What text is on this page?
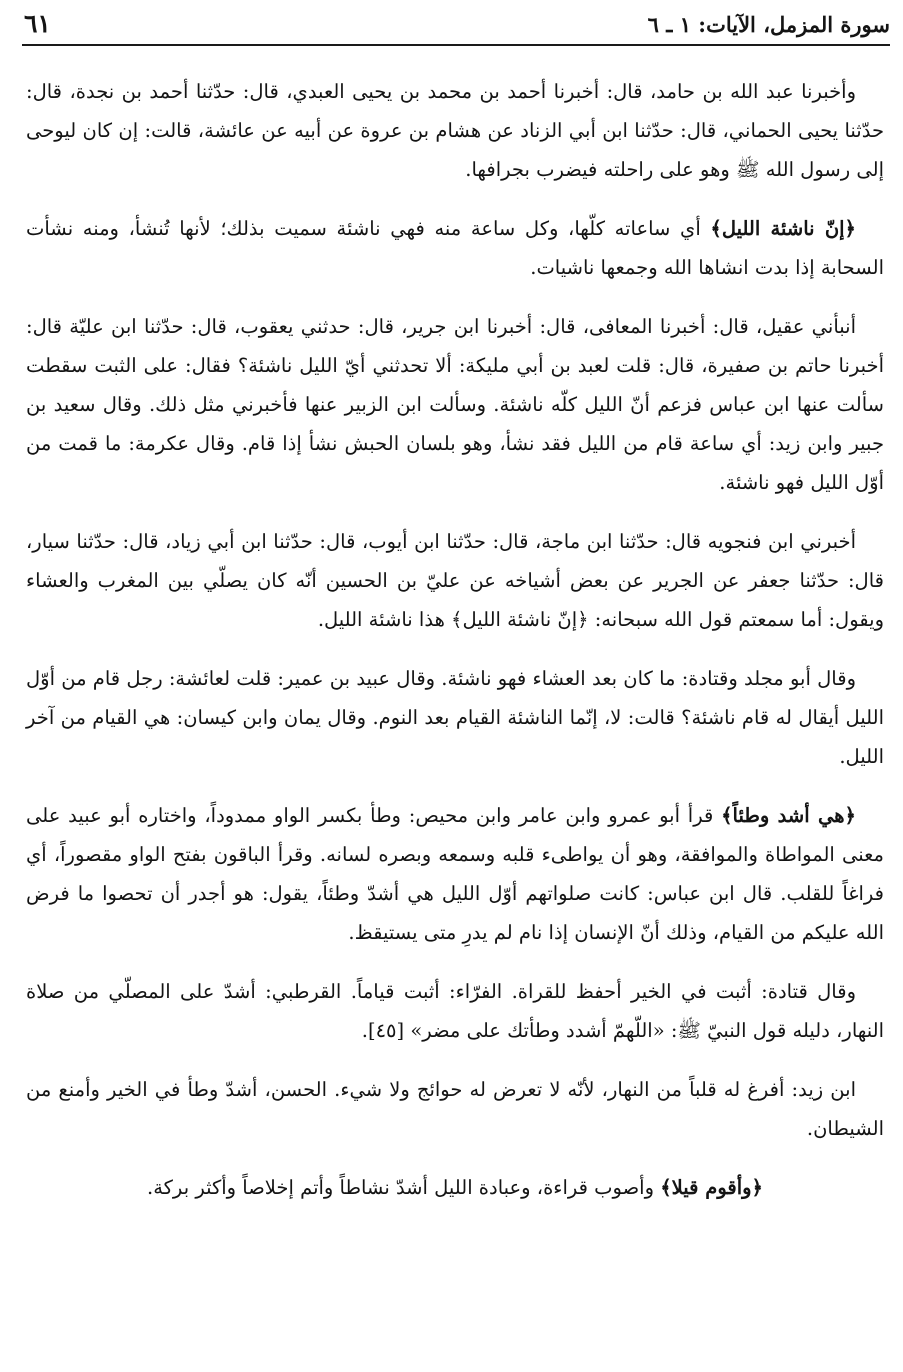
سورة المزمل، الآيات: ١ ـ ٦
٦١

وأخبرنا عبد الله بن حامد، قال: أخبرنا أحمد بن محمد بن يحيى العبدي، قال: حدّثنا أحمد بن نجدة، قال: حدّثنا يحيى الحماني، قال: حدّثنا ابن أبي الزناد عن هشام بن عروة عن أبيه عن عائشة، قالت: إن كان ليوحى إلى رسول الله ﷺ وهو على راحلته فيضرب بجرافها.

﴿إنّ ناشئة الليل﴾ أي ساعاته كلّها، وكل ساعة منه فهي ناشئة سميت بذلك؛ لأنها تُنشأ، ومنه نشأت السحابة إذا بدت انشاها الله وجمعها ناشيات.

أنبأني عقيل، قال: أخبرنا المعافى، قال: أخبرنا ابن جرير، قال: حدثني يعقوب، قال: حدّثنا ابن عليّة قال: أخبرنا حاتم بن صفيرة، قال: قلت لعبد بن أبي مليكة: ألا تحدثني أيّ الليل ناشئة؟ فقال: على الثبت سقطت سألت عنها ابن عباس فزعم أنّ الليل كلّه ناشئة. وسألت ابن الزبير عنها فأخبرني مثل ذلك. وقال سعيد بن جبير وابن زيد: أي ساعة قام من الليل فقد نشأ، وهو بلسان الحبش نشأ إذا قام. وقال عكرمة: ما قمت من أوّل الليل فهو ناشئة.

أخبرني ابن فنجويه قال: حدّثنا ابن ماجة، قال: حدّثنا ابن أيوب، قال: حدّثنا ابن أبي زياد، قال: حدّثنا سيار، قال: حدّثنا جعفر عن الجرير عن بعض أشياخه عن عليّ بن الحسين أنّه كان يصلّي بين المغرب والعشاء ويقول: أما سمعتم قول الله سبحانه: ﴿إنّ ناشئة الليل﴾ هذا ناشئة الليل.

وقال أبو مجلد وقتادة: ما كان بعد العشاء فهو ناشئة. وقال عبيد بن عمير: قلت لعائشة: رجل قام من أوّل الليل أيقال له قام ناشئة؟ قالت: لا، إنّما الناشئة القيام بعد النوم. وقال يمان وابن كيسان: هي القيام من آخر الليل.

﴿هي أشد وطئاً﴾ قرأ أبو عمرو وابن عامر وابن محيص: وطأ بكسر الواو ممدوداً، واختاره أبو عبيد على معنى المواطاة والموافقة، وهو أن يواطىء قلبه وسمعه وبصره لسانه. وقرأ الباقون بفتح الواو مقصوراً، أي فراغاً للقلب. قال ابن عباس: كانت صلواتهم أوّل الليل هي أشدّ وطئاً، يقول: هو أجدر أن تحصوا ما فرض الله عليكم من القيام، وذلك أنّ الإنسان إذا نام لم يدرِ متى يستيقظ.

وقال قتادة: أثبت في الخير أحفظ للقراة. الفرّاء: أثبت قياماً. القرطبي: أشدّ على المصلّي من صلاة النهار، دليله قول النبيّ ﷺ: «اللّهمّ أشدد وطأتك على مضر» [٤٥].

ابن زيد: أفرغ له قلباً من النهار، لأنّه لا تعرض له حوائج ولا شيء. الحسن، أشدّ وطأ في الخير وأمنع من الشيطان.

﴿وأقوم قيلا﴾ وأصوب قراءة، وعبادة الليل أشدّ نشاطاً وأتم إخلاصاً وأكثر بركة.
